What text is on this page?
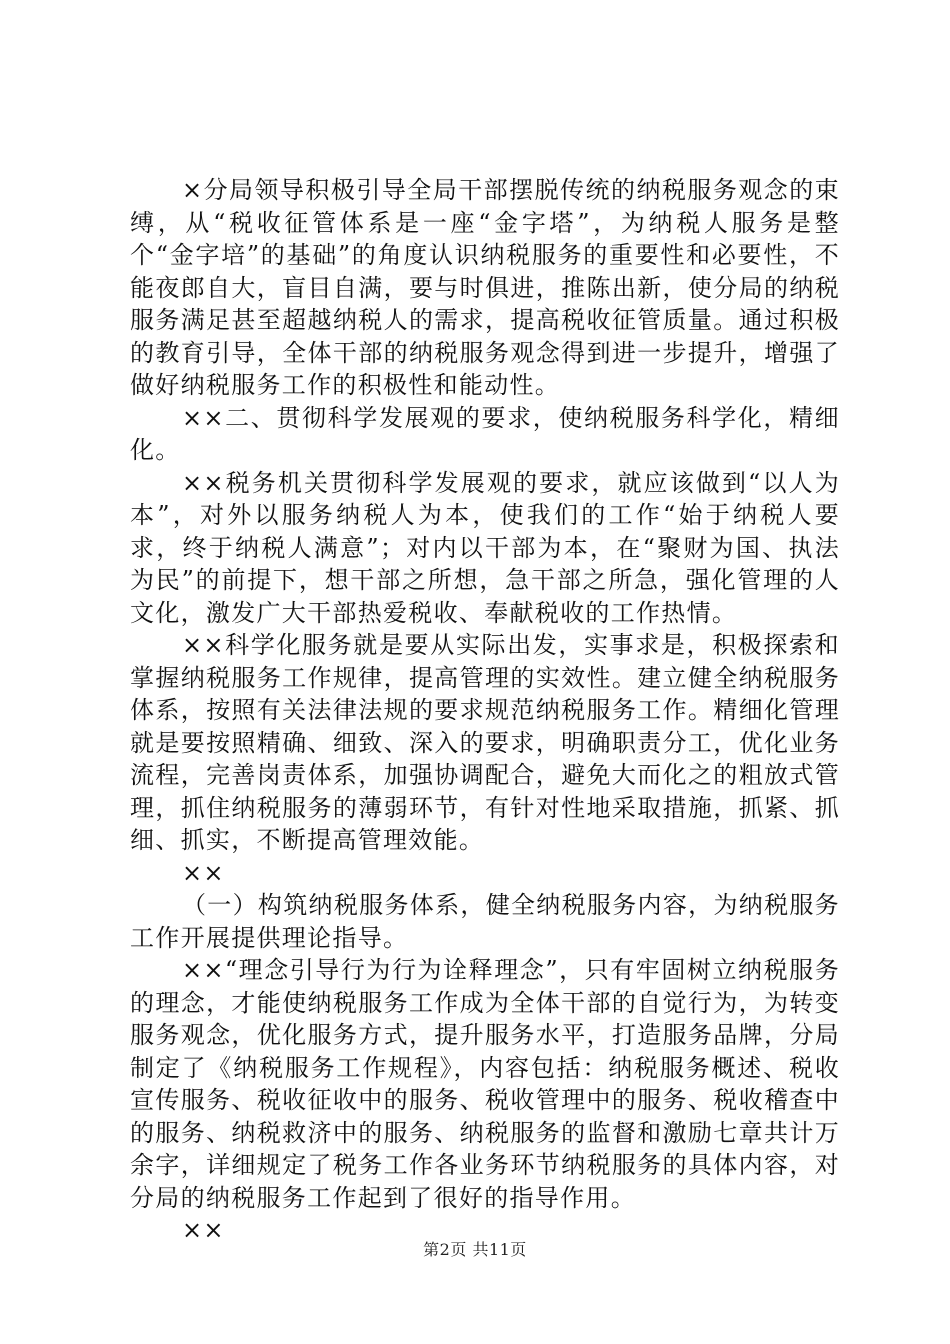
×分局领导积极引导全局干部摆脱传统的纳税服务观念的束缚，从“税收征管体系是一座“金字塔”，为纳税人服务是整个“金字培”的基础”的角度认识纳税服务的重要性和必要性，不能夜郎自大，盲目自满，要与时俱进，推陈出新，使分局的纳税服务满足甚至超越纳税人的需求，提高税收征管质量。通过积极的教育引导，全体干部的纳税服务观念得到进一步提升，增强了做好纳税服务工作的积极性和能动性。

××二、贯彻科学发展观的要求，使纳税服务科学化，精细化。

××税务机关贯彻科学发展观的要求，就应该做到“以人为本”，对外以服务纳税人为本，使我们的工作“始于纳税人要求，终于纳税人满意”；对内以干部为本，在“聚财为国、执法为民”的前提下，想干部之所想，急干部之所急，强化管理的人文化，激发广大干部热爱税收、奉献税收的工作热情。

××科学化服务就是要从实际出发，实事求是，积极探索和掌握纳税服务工作规律，提高管理的实效性。建立健全纳税服务体系，按照有关法律法规的要求规范纳税服务工作。精细化管理就是要按照精确、细致、深入的要求，明确职责分工，优化业务流程，完善岗责体系，加强协调配合，避免大而化之的粗放式管理，抓住纳税服务的薄弱环节，有针对性地采取措施，抓紧、抓细、抓实，不断提高管理效能。

××

（一）构筑纳税服务体系，健全纳税服务内容，为纳税服务工作开展提供理论指导。

××“理念引导行为行为诠释理念”，只有牢固树立纳税服务的理念，才能使纳税服务工作成为全体干部的自觉行为，为转变服务观念，优化服务方式，提升服务水平，打造服务品牌，分局制定了《纳税服务工作规程》，内容包括：纳税服务概述、税收宣传服务、税收征收中的服务、税收管理中的服务、税收稽查中的服务、纳税救济中的服务、纳税服务的监督和激励七章共计万余字，详细规定了税务工作各业务环节纳税服务的具体内容，对分局的纳税服务工作起到了很好的指导作用。

××

第2页 共11页
